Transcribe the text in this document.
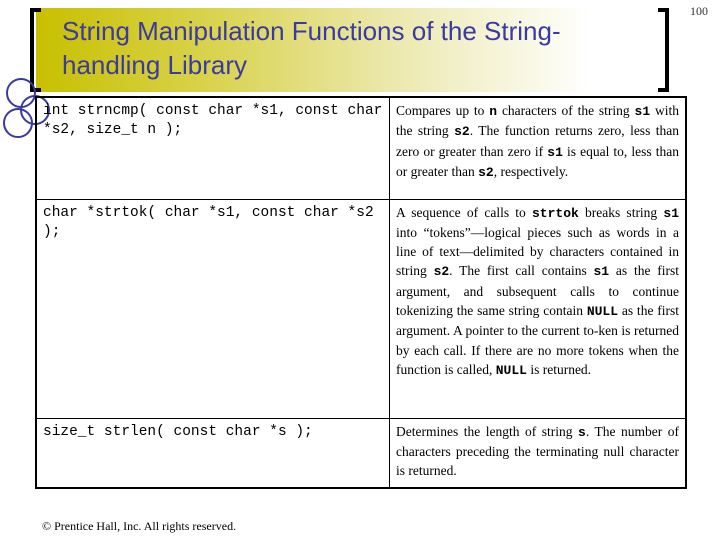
String Manipulation Functions of the String-handling Library
100
int strncmp( const char *s1, const char *s2, size_t n );	Compares up to n characters of the string s1 with the string s2. The function returns zero, less than zero or greater than zero if s1 is equal to, less than or greater than s2, respectively.
char *strtok( char *s1, const char *s2 );	A sequence of calls to strtok breaks string s1 into “tokens”—logical pieces such as words in a line of text—delimited by characters contained in string s2. The first call contains s1 as the first argument, and subsequent calls to continue tokenizing the same string contain NULL as the first argument. A pointer to the current to-ken is returned by each call. If there are no more tokens when the function is called, NULL is returned.
size_t strlen( const char *s );	Determines the length of string s. The number of characters preceding the terminating null character is returned.
© Prentice Hall, Inc. All rights reserved.
